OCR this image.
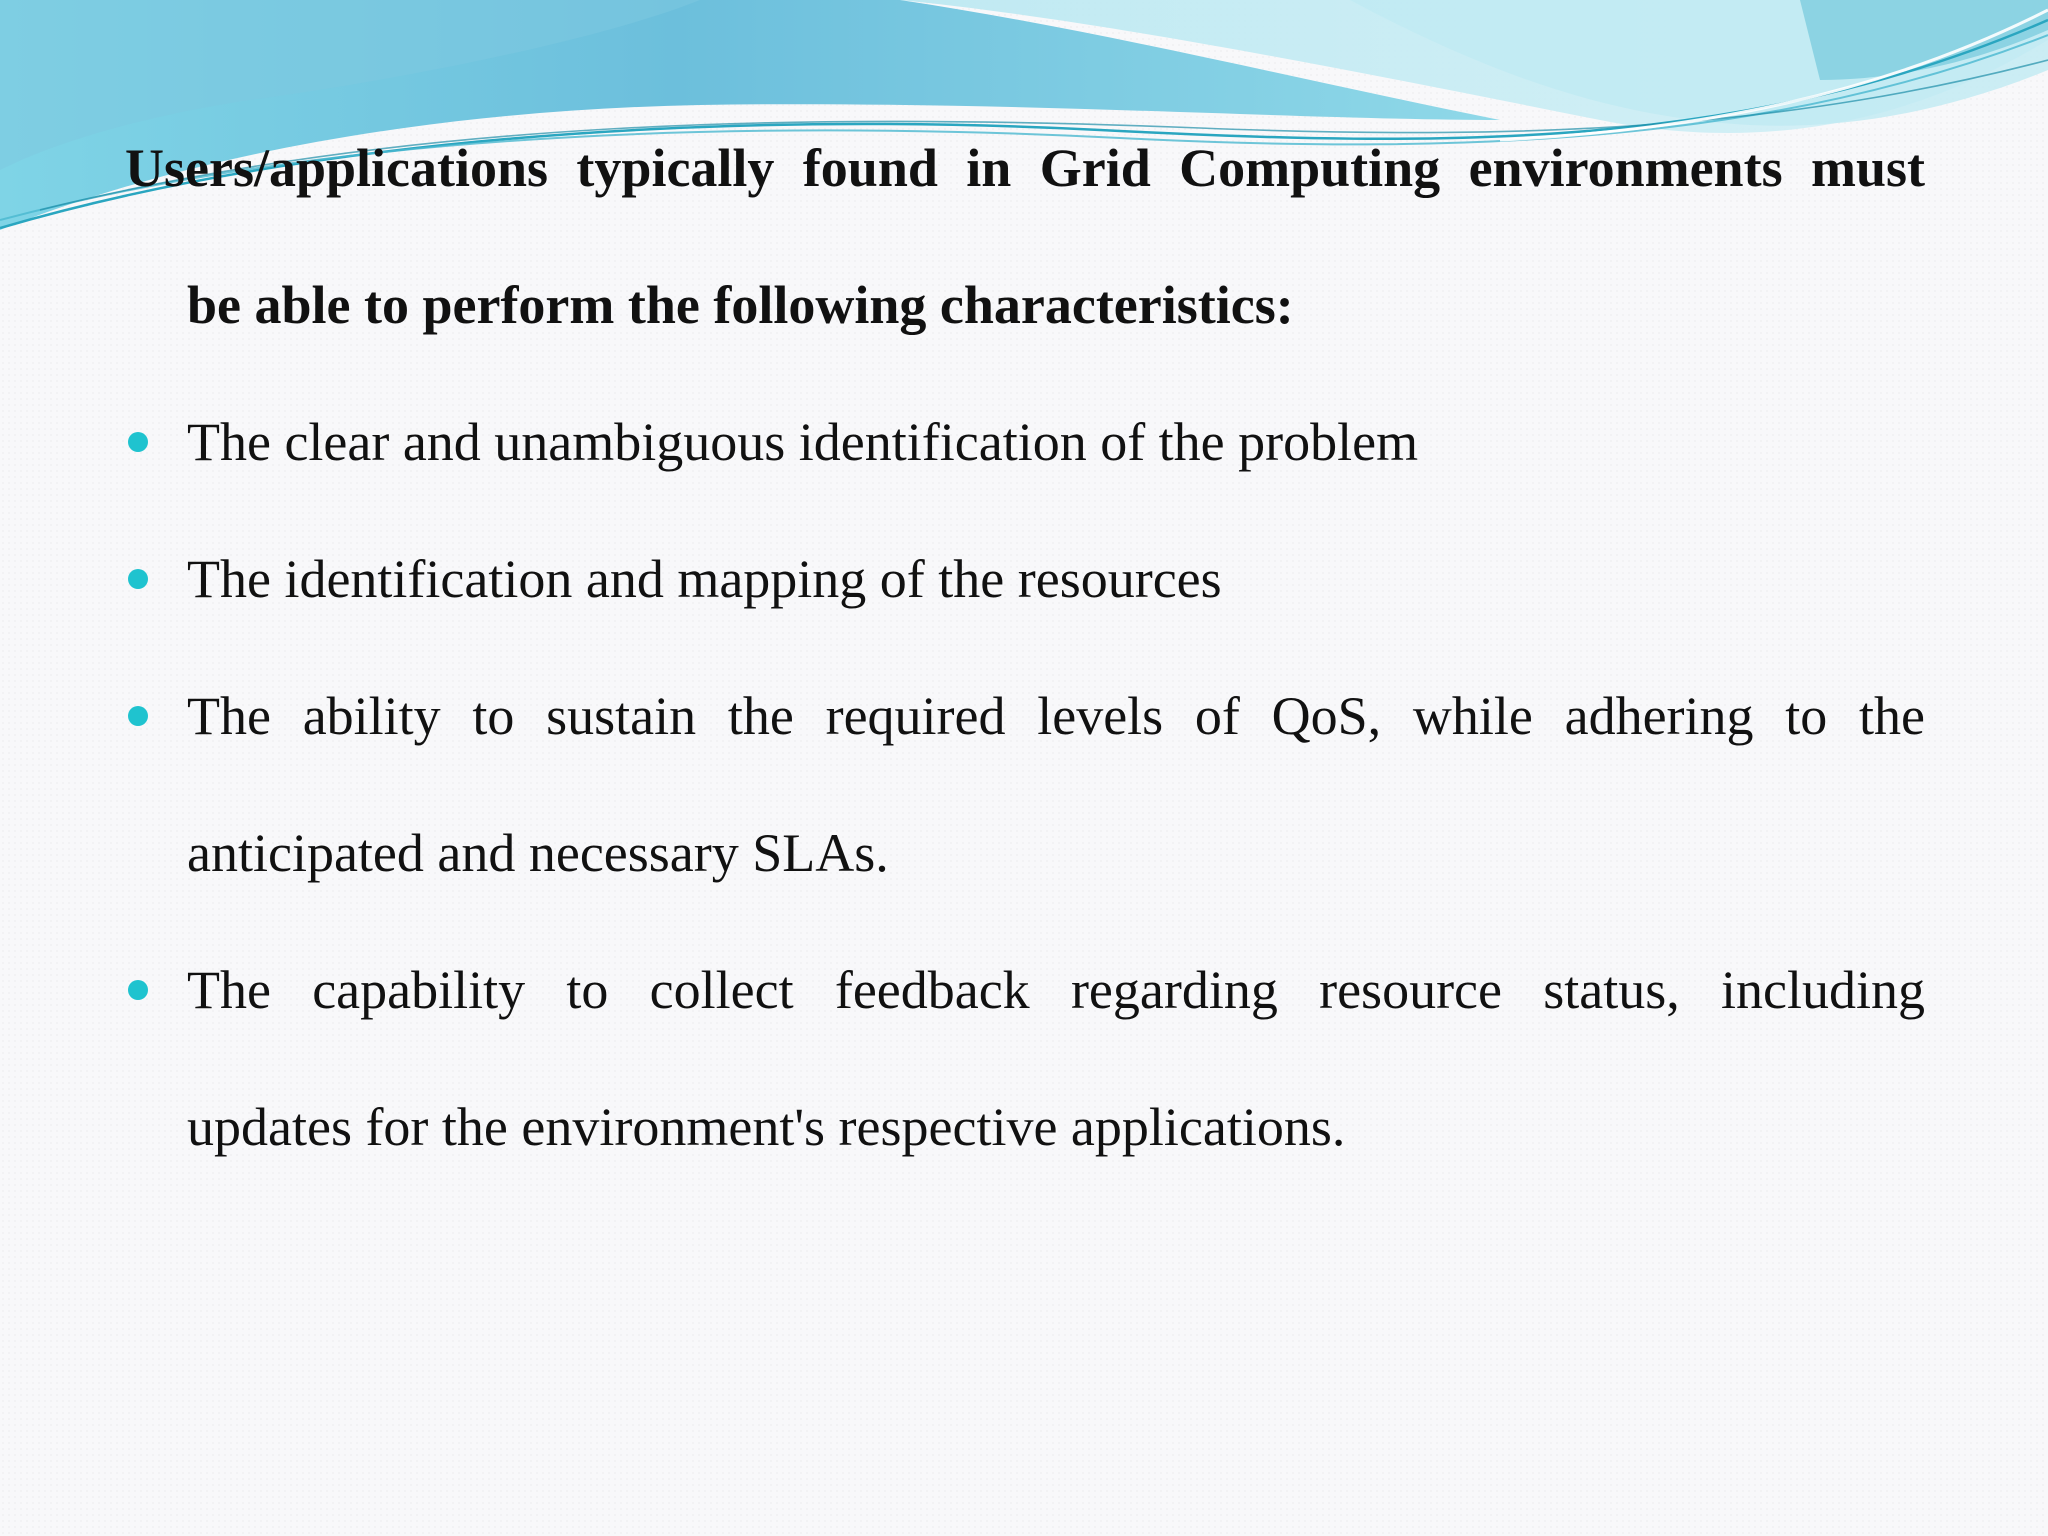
Users/applications typically found in Grid Computing environments must
be able to perform the following characteristics:

The clear and unambiguous identification of the problem
The identification and mapping of the resources
The ability to sustain the required levels of QoS, while adhering to the
anticipated and necessary SLAs.
The capability to collect feedback regarding resource status, including
updates for the environment's respective applications.
